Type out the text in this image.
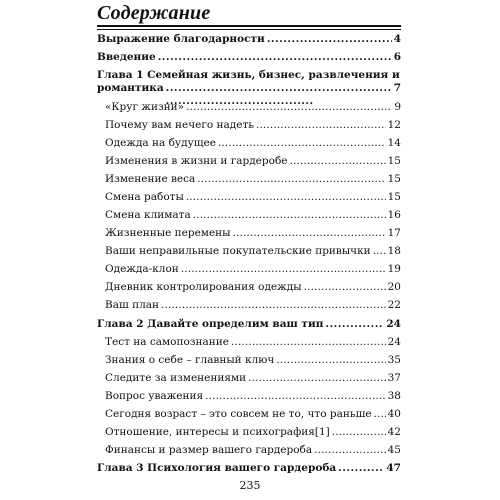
Содержание
Выражение благодарности . . .	4
Введение . . .	6
Глава 1 Семейная жизнь, бизнес, развлечения и
романтика . . .	7
«Круг жизни» . . .	9
Почему вам нечего надеть . . .	12
Одежда на будущее . . .	14
Изменения в жизни и гардеробе . . .	15
Изменение веса . . .	15
Смена работы . . .	15
Смена климата . . .	16
Жизненные перемены . . .	17
Ваши неправильные покупательские привычки . . . 18
Одежда-клон . . .	19
Дневник контролирования одежды . . .	20
Ваш план . . .	22
Глава 2 Давайте определим ваш тип . . .	24
Тест на самопознание . . .	24
Знания о себе – главный ключ . . .	35
Следите за изменениями . . .	37
Вопрос уважения . . .	38
Сегодня возраст – это совсем не то, что раньше . . . 40
Отношение, интересы и психография[1] . . .	42
Финансы и размер вашего гардероба . . .	45
Глава 3 Психология вашего гардероба . . .	47
235
